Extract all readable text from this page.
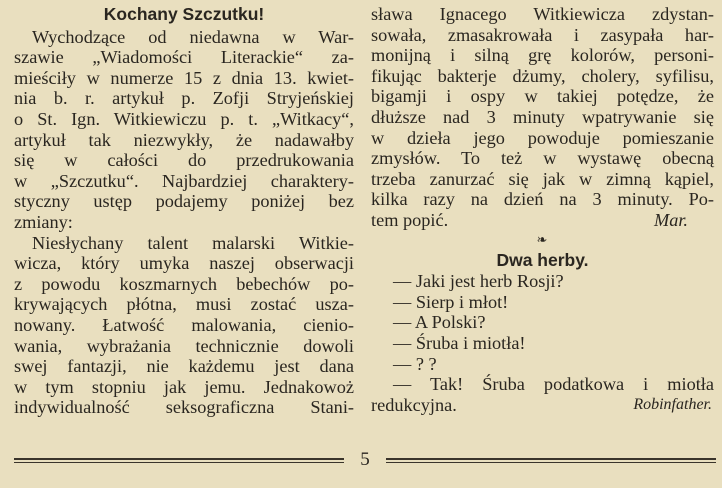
Kochany Szczutku!
Wychodzące od niedawna w War-
szawie „Wiadomości Literackie“ za-
mieściły w numerze 15 z dnia 13. kwiet-
nia b. r. artykuł p. Zofji Stryjeńskiej
o St. Ign. Witkiewiczu p. t. „Witkacy“,
artykuł tak niezwykły, że nadawałby
się w całości do przedrukowania
w „Szczutku“. Najbardziej charaktery-
styczny ustęp podajemy poniżej bez
zmiany:
Niesłychany talent malarski Witkie-
wicza, który umyka naszej obserwacji
z powodu koszmarnych bebechów po-
krywających płótna, musi zostać usza-
nowany. Łatwość malowania, cienio-
wania, wybrażania technicznie dowoli
swej fantazji, nie każdemu jest dana
w tym stopniu jak jemu. Jednakowoż
indywidualność seksograficzna Stani-
sława Ignacego Witkiewicza zdystan-
sowała, zmasakrowała i zasypała har-
monijną i silną grę kolorów, personi-
fikując bakterje dżumy, cholery, syfilisu,
bigamji i ospy w takiej potędze, że
dłuższe nad 3 minuty wpatrywanie się
w dzieła jego powoduje pomieszanie
zmysłów. To też w wystawę obecną
trzeba zanurzać się jak w zimną kąpiel,
kilka razy na dzień na 3 minuty. Po-
tem popić.	Mar.
❧
Dwa herby.
— Jaki jest herb Rosji?
— Sierp i młot!
— A Polski?
— Śruba i miotła!
— ? ?
— Tak! Śruba podatkowa i miotła
redukcyjna.	Robinfather.
5
